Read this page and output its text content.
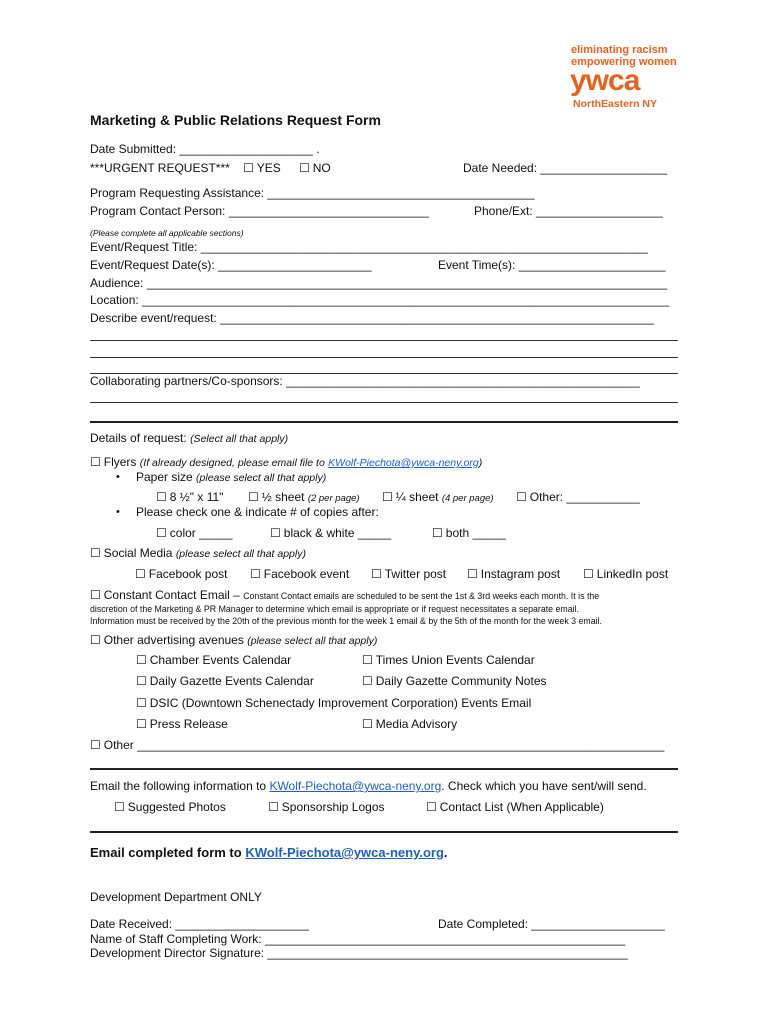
eliminating racism
empowering women
ywca
NorthEastern NY
Marketing & Public Relations Request Form
Date Submitted: ____________________ .
***URGENT REQUEST***	☐ YES	☐ NO	Date Needed: ___________________
Program Requesting Assistance: ________________________________________
Program Contact Person: ______________________________	Phone/Ext: ___________________
(Please complete all applicable sections)
Event/Request Title: ___________________________________________________________________
Event/Request Date(s): _______________________	Event Time(s): ______________________
Audience: ______________________________________________________________________________
Location: _______________________________________________________________________________
Describe event/request: _________________________________________________________________
Collaborating partners/Co-sponsors: _____________________________________________________
Details of request: (Select all that apply)
☐ Flyers (If already designed, please email file to KWolf-Piechota@ywca-neny.org)
• Paper size (please select all that apply)
☐ 8 ½" x 11"	☐ ½ sheet (2 per page)	☐ ¼ sheet (4 per page)	☐ Other: ___________
• Please check one & indicate # of copies after:
☐ color _____	☐ black & white _____	☐ both _____
☐ Social Media (please select all that apply)
☐ Facebook post	☐ Facebook event	☐ Twitter post	☐ Instagram post	☐ LinkedIn post
☐ Constant Contact Email – Constant Contact emails are scheduled to be sent the 1st & 3rd weeks each month. It is the
discretion of the Marketing & PR Manager to determine which email is appropriate or if request necessitates a separate email.
Information must be received by the 20th of the previous month for the week 1 email & by the 5th of the month for the week 3 email.
☐ Other advertising avenues (please select all that apply)
☐ Chamber Events Calendar	☐ Times Union Events Calendar
☐ Daily Gazette Events Calendar	☐ Daily Gazette Community Notes
☐ DSIC (Downtown Schenectady Improvement Corporation) Events Email
☐ Press Release	☐ Media Advisory
☐ Other _______________________________________________________________________________
Email the following information to KWolf-Piechota@ywca-neny.org. Check which you have sent/will send.
☐ Suggested Photos	☐ Sponsorship Logos	☐ Contact List (When Applicable)
Email completed form to KWolf-Piechota@ywca-neny.org.
Development Department ONLY
Date Received: ____________________	Date Completed: ____________________
Name of Staff Completing Work: ______________________________________________________
Development Director Signature: ______________________________________________________
